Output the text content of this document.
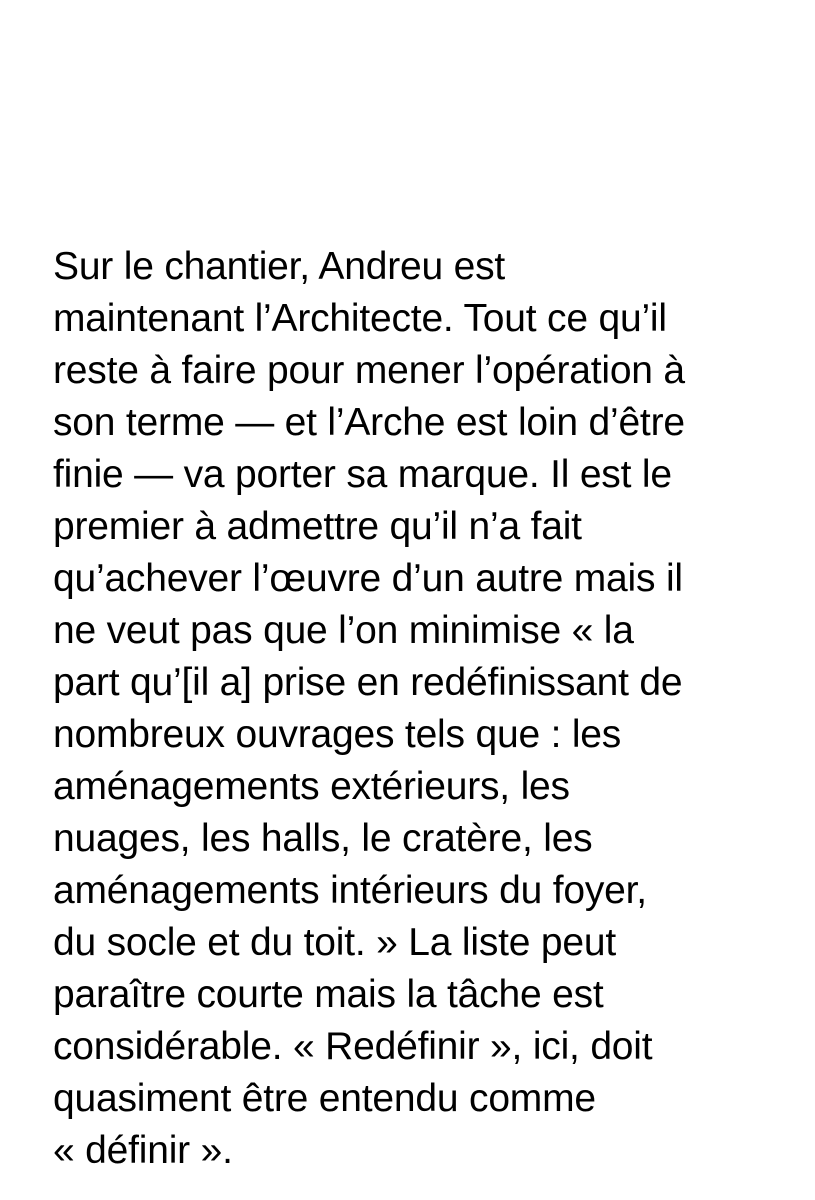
Sur le chantier, Andreu est

maintenant l’Architecte. Tout ce qu’il

reste à faire pour mener l’opération à

son terme — et l’Arche est loin d’être

finie — va porter sa marque. Il est le

premier à admettre qu’il n’a fait

qu’achever l’œuvre d’un autre mais il

ne veut pas que l’on minimise « la

part qu’[il a] prise en redéfinissant de

nombreux ouvrages tels que : les

aménagements extérieurs, les

nuages, les halls, le cratère, les

aménagements intérieurs du foyer,

du socle et du toit. » La liste peut

paraître courte mais la tâche est

considérable. « Redéfinir », ici, doit

quasiment être entendu comme

« définir ».
